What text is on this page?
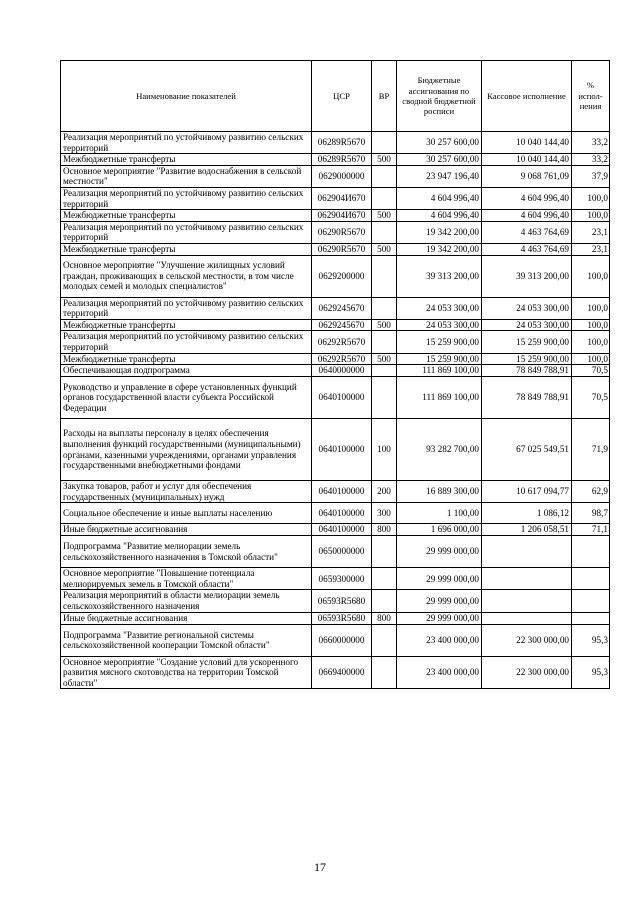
Наименование показателей	ЦСР	ВР	Бюджетные ассигнования по сводной бюджетной росписи	Кассовое исполнение	% испол-нения
Реализация мероприятий по устойчивому развитию сельских территорий	06289R5670		30 257 600,00	10 040 144,40	33,2
Межбюджетные трансферты	06289R5670	500	30 257 600,00	10 040 144,40	33,2
Основное мероприятие "Развитие водоснабжения в сельской местности"	0629000000		23 947 196,40	9 068 761,09	37,9
Реализация мероприятий по устойчивому развитию сельских территорий	062904И670		4 604 996,40	4 604 996,40	100,0
Межбюджетные трансферты	062904И670	500	4 604 996,40	4 604 996,40	100,0
Реализация мероприятий по устойчивому развитию сельских территорий	06290R5670		19 342 200,00	4 463 764,69	23,1
Межбюджетные трансферты	06290R5670	500	19 342 200,00	4 463 764,69	23,1
Основное мероприятие "Улучшение жилищных условий граждан, проживающих в сельской местности, в том числе молодых семей и молодых специалистов"	0629200000		39 313 200,00	39 313 200,00	100,0
Реализация мероприятий по устойчивому развитию сельских территорий	0629245670		24 053 300,00	24 053 300,00	100,0
Межбюджетные трансферты	0629245670	500	24 053 300,00	24 053 300,00	100,0
Реализация мероприятий по устойчивому развитию сельских территорий	06292R5670		15 259 900,00	15 259 900,00	100,0
Межбюджетные трансферты	06292R5670	500	15 259 900,00	15 259 900,00	100,0
Обеспечивающая подпрограмма	0640000000		111 869 100,00	78 849 788,91	70,5
Руководство и управление в сфере установленных функций органов государственной власти субъекта Российской Федерации	0640100000		111 869 100,00	78 849 788,91	70,5
Расходы на выплаты персоналу в целях обеспечения выполнения функций государственными (муниципальными) органами, казенными учреждениями, органами управления государственными внебюджетными фондами	0640100000	100	93 282 700,00	67 025 549,51	71,9
Закупка товаров, работ и услуг для обеспечения государственных (муниципальных) нужд	0640100000	200	16 889 300,00	10 617 094,77	62,9
Социальное обеспечение и иные выплаты населению	0640100000	300	1 100,00	1 086,12	98,7
Иные бюджетные ассигнования	0640100000	800	1 696 000,00	1 206 058,51	71,1
Подпрограмма "Развитие мелиорации земель сельскохозяйственного назначения в Томской области"	0650000000		29 999 000,00		
Основное мероприятие "Повышение потенциала мелиорируемых земель в Томской области"	0659300000		29 999 000,00		
Реализация мероприятий в области мелиорации земель сельскохозяйственного назначения	06593R5680		29 999 000,00		
Иные бюджетные ассигнования	06593R5680	800	29 999 000,00		
Подпрограмма "Развитие региональной системы сельскохозяйственной кооперации Томской области"	0660000000		23 400 000,00	22 300 000,00	95,3
Основное мероприятие "Создание условий для ускоренного развития мясного скотоводства на территории Томской области"	0669400000		23 400 000,00	22 300 000,00	95,3
17
